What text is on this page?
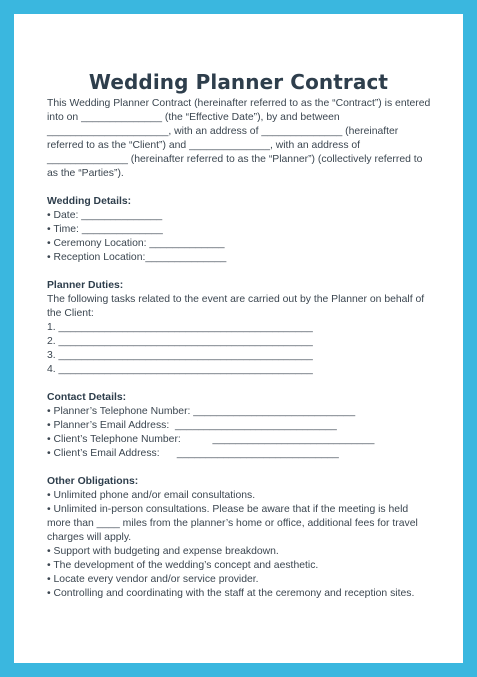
Wedding Planner Contract

This Wedding Planner Contract (hereinafter referred to as the “Contract”) is entered into on ______________ (the “Effective Date”), by and between _____________________, with an address of ______________ (hereinafter referred to as the “Client”) and ______________, with an address of ______________ (hereinafter referred to as the “Planner”) (collectively referred to as the “Parties”).

Wedding Details:
• Date: ______________
• Time: ______________
• Ceremony Location: _____________
• Reception Location:______________
Planner Duties:

The following tasks related to the event are carried out by the Planner on behalf of the Client:

1. ____________________________________________
2. ____________________________________________
3. ____________________________________________
4. ____________________________________________
Contact Details:
• Planner’s Telephone Number: ____________________________
• Planner’s Email Address:  ____________________________
• Client’s Telephone Number:           ____________________________
• Client’s Email Address:      ____________________________
Other Obligations:

• Unlimited phone and/or email consultations.

• Unlimited in-person consultations. Please be aware that if the meeting is held more than ____ miles from the planner’s home or office, additional fees for travel charges will apply.

• Support with budgeting and expense breakdown.

• The development of the wedding’s concept and aesthetic.

• Locate every vendor and/or service provider.

• Controlling and coordinating with the staff at the ceremony and reception sites.
